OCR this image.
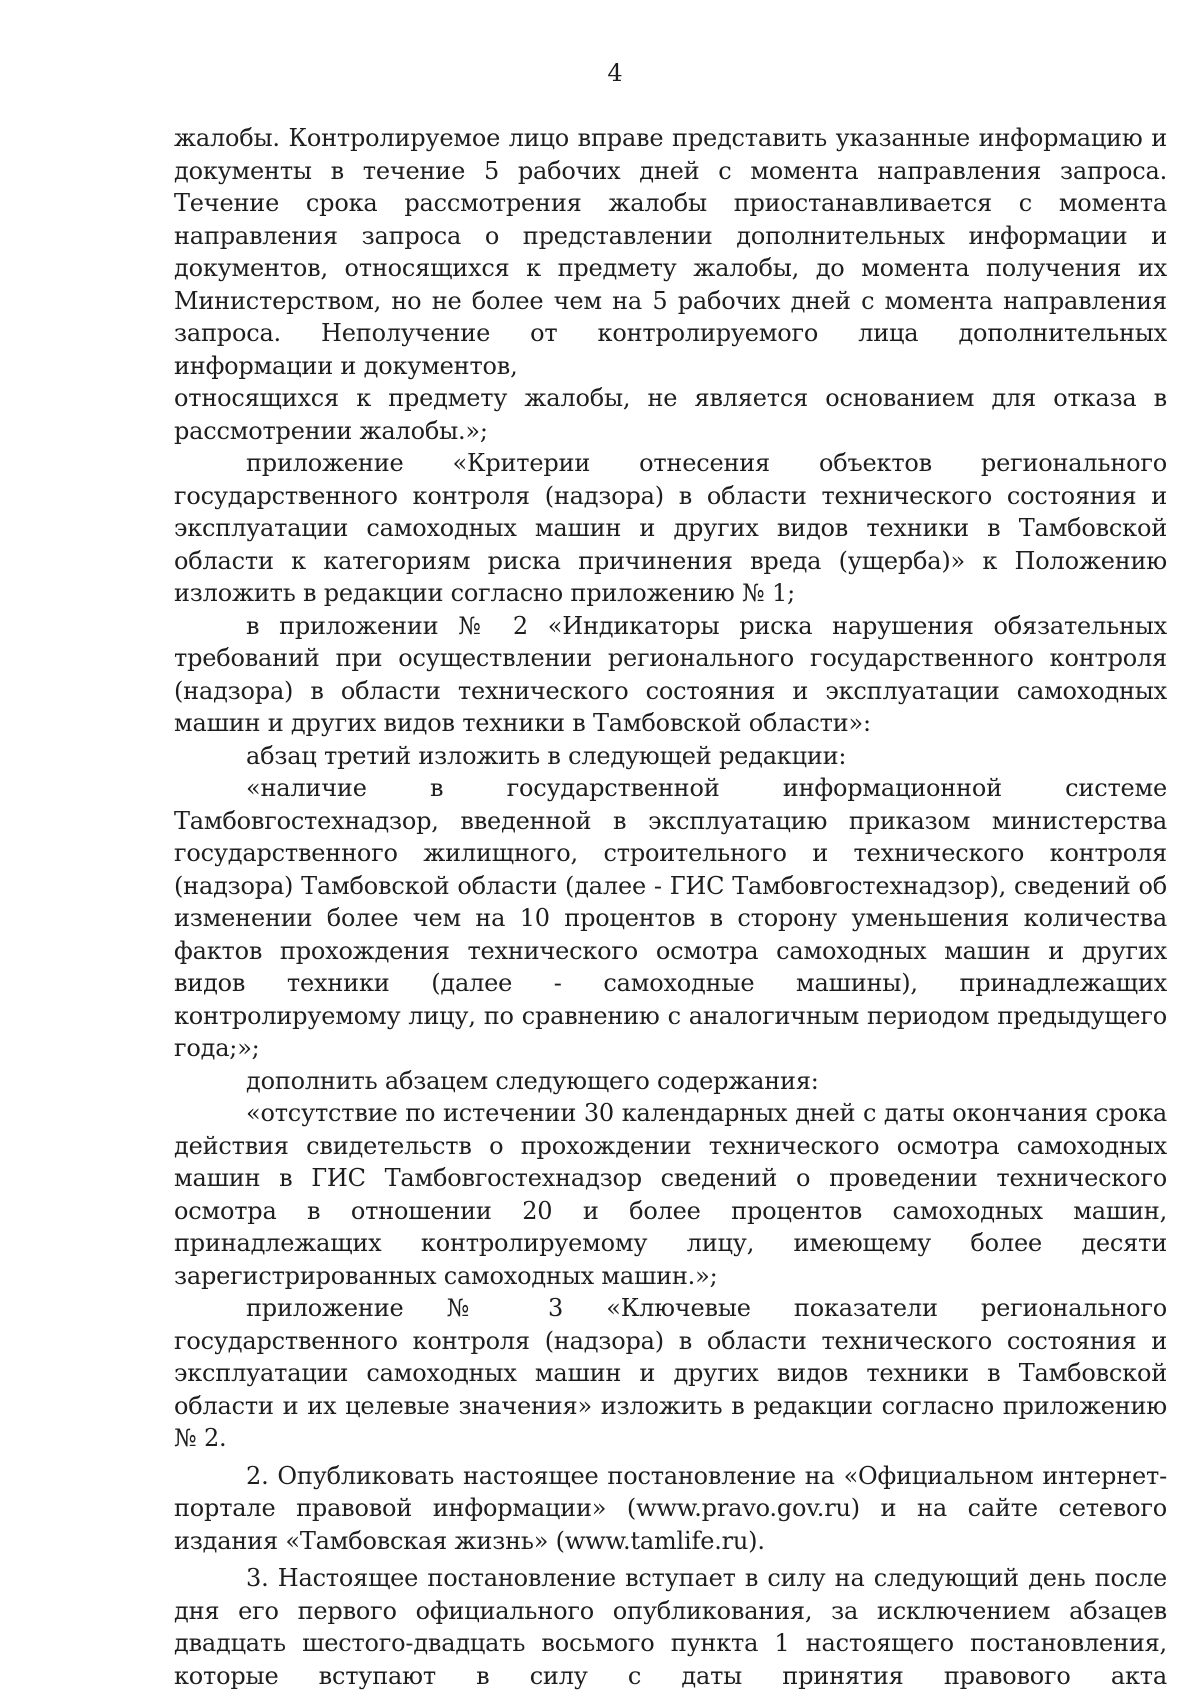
4

жалобы. Контролируемое лицо вправе представить указанные информацию и документы в течение 5 рабочих дней с момента направления запроса. Течение срока рассмотрения жалобы приостанавливается с момента направления запроса о представлении дополнительных информации и документов, относящихся к предмету жалобы, до момента получения их Министерством, но не более чем на 5 рабочих дней с момента направления запроса. Неполучение от контролируемого лица дополнительных информации и документов,

относящихся к предмету жалобы, не является основанием для отказа в рассмотрении жалобы.»;

приложение «Критерии отнесения объектов регионального государственного контроля (надзора) в области технического состояния и эксплуатации самоходных машин и других видов техники в Тамбовской области к категориям риска причинения вреда (ущерба)» к Положению изложить в редакции согласно приложению № 1;

в приложении № 2 «Индикаторы риска нарушения обязательных требований при осуществлении регионального государственного контроля (надзора) в области технического состояния и эксплуатации самоходных машин и других видов техники в Тамбовской области»:

абзац третий изложить в следующей редакции:

«наличие в государственной информационной системе Тамбовгостехнадзор, введенной в эксплуатацию приказом министерства государственного жилищного, строительного и технического контроля (надзора) Тамбовской области (далее - ГИС Тамбовгостехнадзор), сведений об изменении более чем на 10 процентов в сторону уменьшения количества фактов прохождения технического осмотра самоходных машин и других видов техники (далее - самоходные машины), принадлежащих контролируемому лицу, по сравнению с аналогичным периодом предыдущего года;»;

дополнить абзацем следующего содержания:

«отсутствие по истечении 30 календарных дней с даты окончания срока действия свидетельств о прохождении технического осмотра самоходных машин в ГИС Тамбовгостехнадзор сведений о проведении технического осмотра в отношении 20 и более процентов самоходных машин, принадлежащих контролируемому лицу, имеющему более десяти зарегистрированных самоходных машин.»;

приложение № 3 «Ключевые показатели регионального государственного контроля (надзора) в области технического состояния и эксплуатации самоходных машин и других видов техники в Тамбовской области и их целевые значения» изложить в редакции согласно приложению № 2.

2. Опубликовать настоящее постановление на «Официальном интернет-портале правовой информации» (www.pravo.gov.ru) и на сайте сетевого издания «Тамбовская жизнь» (www.tamlife.ru).

3. Настоящее постановление вступает в силу на следующий день после дня его первого официального опубликования, за исключением абзацев двадцать шестого-двадцать восьмого пункта 1 настоящего постановления, которые вступают в силу с даты принятия правового акта
